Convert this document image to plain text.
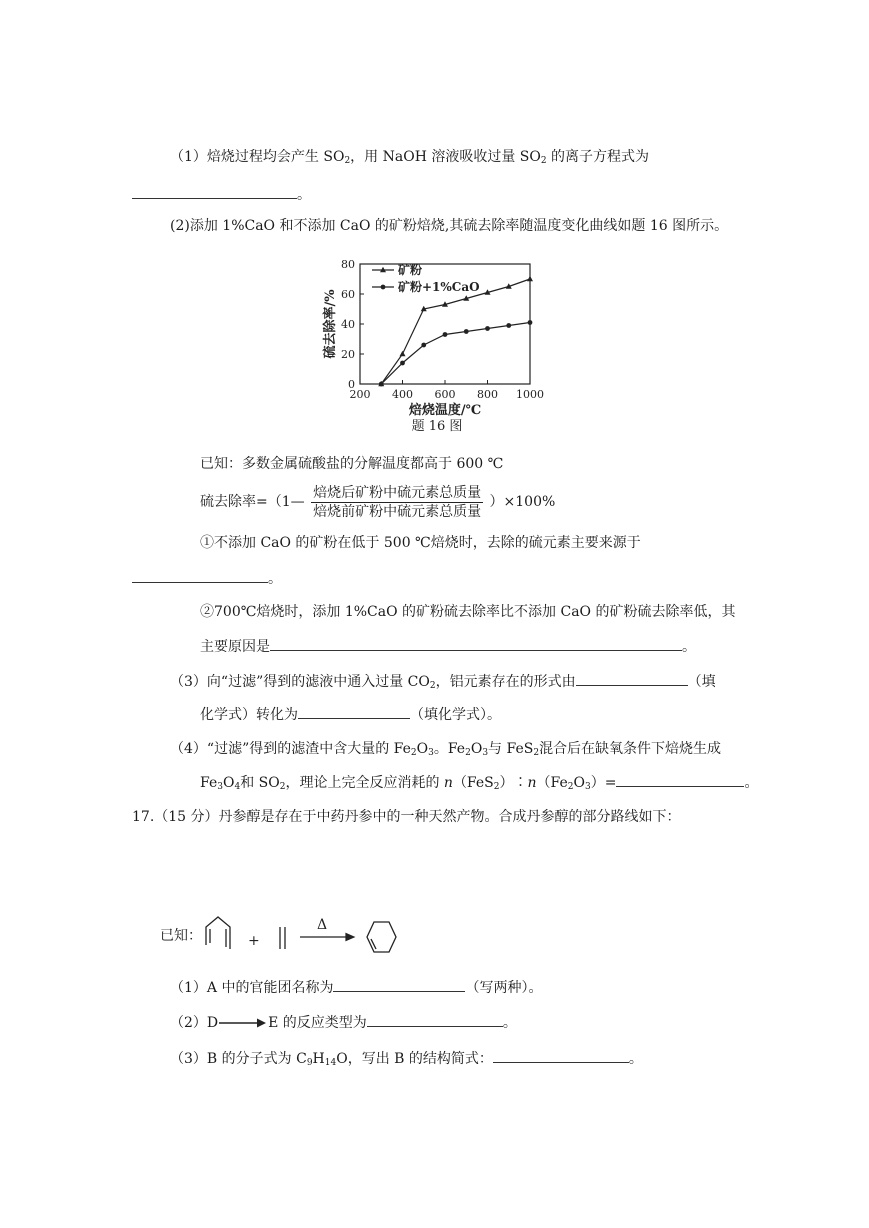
（1）焙烧过程均会产生 $SO_2$，用 NaOH 溶液吸收过量 $SO_2$ 的离子方程式为
。
(2)添加 1%CaO 和不添加 CaO 的矿粉焙烧,其硫去除率随温度变化曲线如题 16 图所示。
200 400 600 800 1000
0
20
40
60
80
焙烧温度/℃
硫去除率/%
题 16 图
矿粉
矿粉+1%CaO
已知：多数金属硫酸盐的分解温度都高于 600 ℃
硫去除率=（1— $\frac{\text{焙烧后矿粉中硫元素总质量}}{\text{焙烧前矿粉中硫元素总质量}} )\times 100\%$
①不添加 CaO 的矿粉在低于 500 ℃焙烧时，去除的硫元素主要来源于
。
②700℃焙烧时，添加 1%CaO 的矿粉硫去除率比不添加 CaO 的矿粉硫去除率低，其
主要原因是	。
（3）向“过滤”得到的滤液中通入过量 $CO_2$，铝元素存在的形式由	（填
化学式）转化为	（填化学式）。
（4）“过滤”得到的滤渣中含大量的 $Fe_2O_3$。$Fe_2O_3$与 FeS$_2$混合后在缺氧条件下焙烧生成
$Fe_3O_4$和 $SO_2$，理论上完全反应消耗的 $n(FeS_2)∶n(Fe_2O_3)=$	。
17.（15 分）丹参醇是存在于中药丹参中的一种天然产物。合成丹参醇的部分路线如下：
已知：	+
Δ
（1）A 中的官能团名称为	（写两种）。
（2）D→E 的反应类型为	。
（3）B 的分子式为 $C_9H_{14}O$，写出 B 的结构简式：	。
